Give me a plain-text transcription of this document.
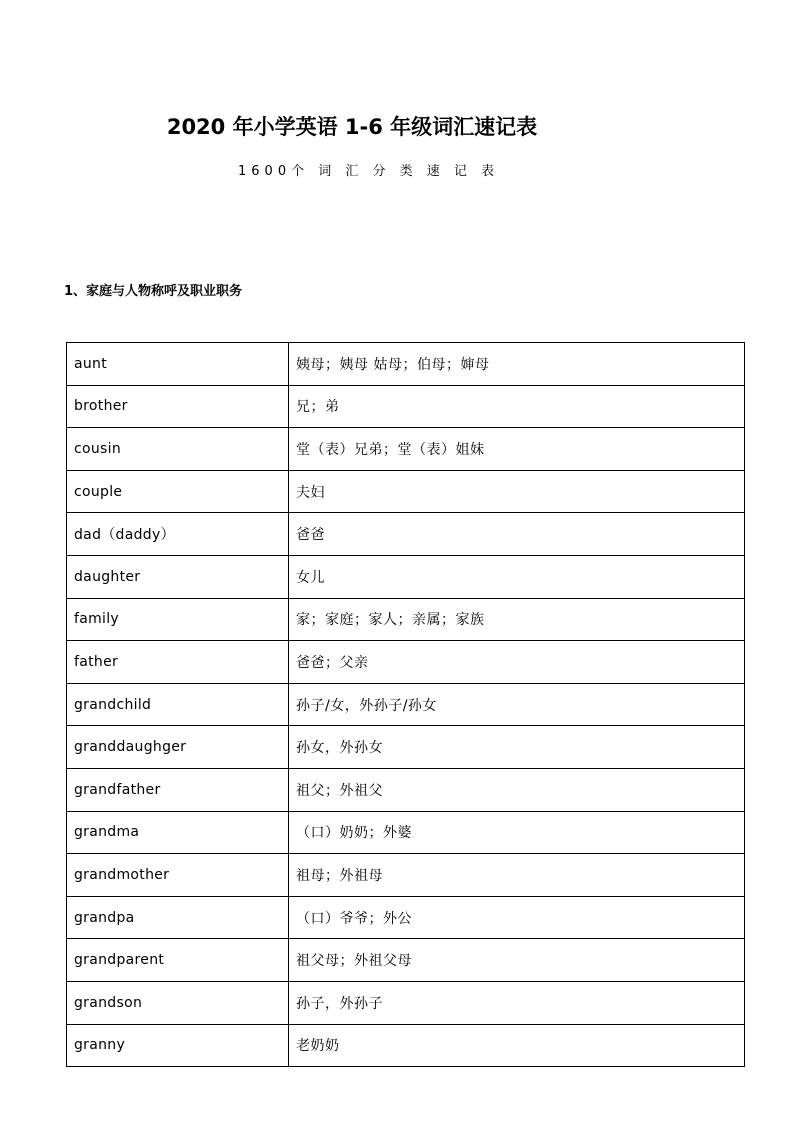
2020 年小学英语 1-6 年级词汇速记表
1600个 词 汇 分 类 速 记 表
1、家庭与人物称呼及职业职务
aunt	姨母；姨母 姑母；伯母；婶母
brother	兄；弟
cousin	堂（表）兄弟；堂（表）姐妹
couple	夫妇
dad（daddy）	爸爸
daughter	女儿
family	家；家庭；家人；亲属；家族
father	爸爸；父亲
grandchild	孙子/女，外孙子/孙女
granddaughger	孙女，外孙女
grandfather	祖父；外祖父
grandma	（口）奶奶；外婆
grandmother	祖母；外祖母
grandpa	（口）爷爷；外公
grandparent	祖父母；外祖父母
grandson	孙子，外孙子
granny	老奶奶
